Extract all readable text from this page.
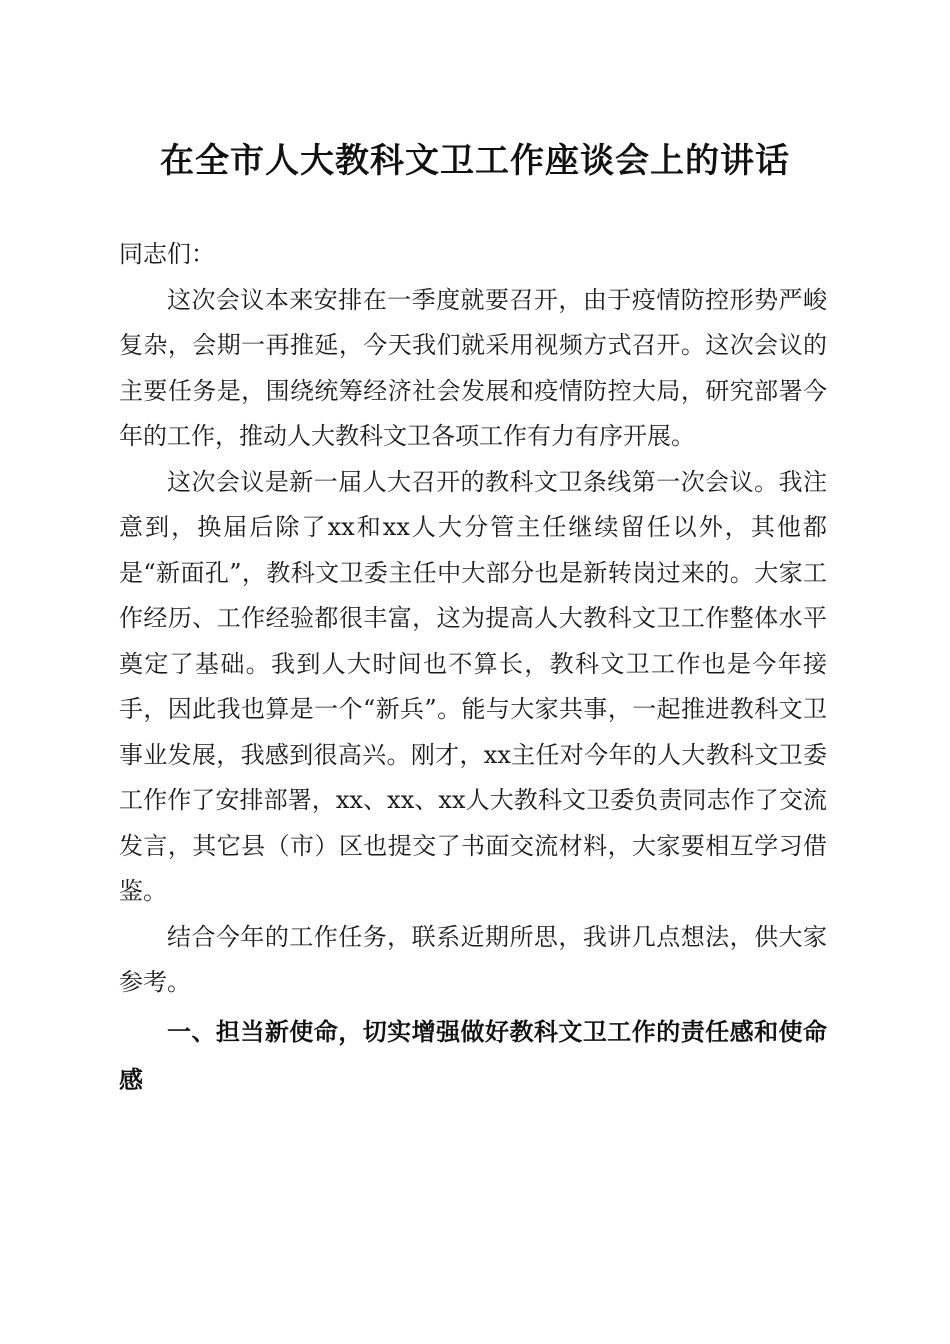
在全市人大教科文卫工作座谈会上的讲话

同志们：

这次会议本来安排在一季度就要召开，由于疫情防控形势严峻复杂，会期一再推延，今天我们就采用视频方式召开。这次会议的主要任务是，围绕统筹经济社会发展和疫情防控大局，研究部署今年的工作，推动人大教科文卫各项工作有力有序开展。

这次会议是新一届人大召开的教科文卫条线第一次会议。我注意到，换届后除了xx和xx人大分管主任继续留任以外，其他都是“新面孔”，教科文卫委主任中大部分也是新转岗过来的。大家工作经历、工作经验都很丰富，这为提高人大教科文卫工作整体水平奠定了基础。我到人大时间也不算长，教科文卫工作也是今年接手，因此我也算是一个“新兵”。能与大家共事，一起推进教科文卫事业发展，我感到很高兴。刚才，xx主任对今年的人大教科文卫委工作作了安排部署，xx、xx、xx人大教科文卫委负责同志作了交流发言，其它县（市）区也提交了书面交流材料，大家要相互学习借鉴。

结合今年的工作任务，联系近期所思，我讲几点想法，供大家参考。

一、担当新使命，切实增强做好教科文卫工作的责任感和使命感
